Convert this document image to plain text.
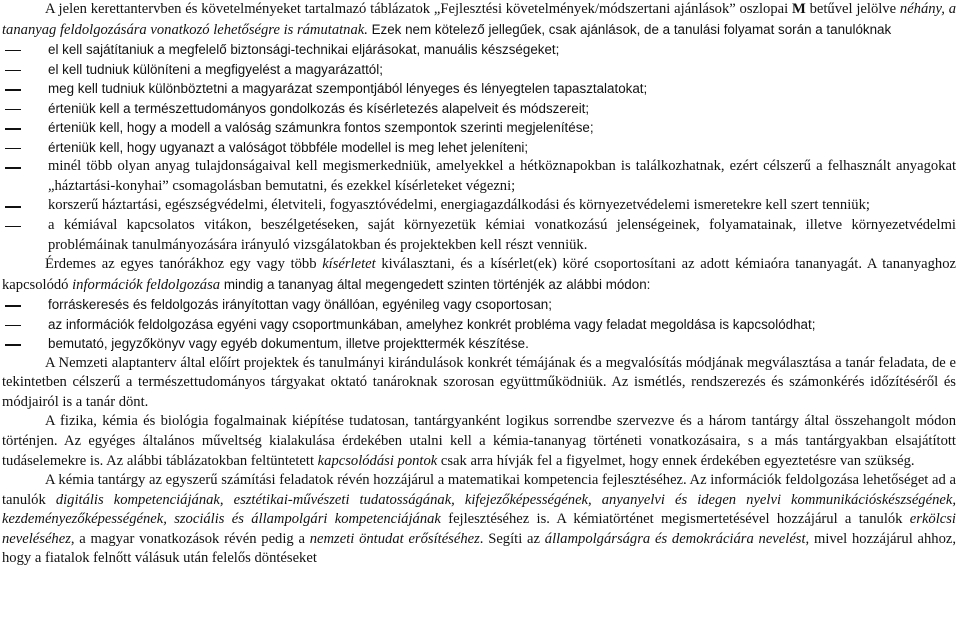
A jelen kerettantervben és követelményeket tartalmazó táblázatok „Fejlesztési követelmények/módszertani ajánlások” oszlopai M betűvel jelölve néhány, a tananyag feldolgozására vonatkozó lehetőségre is rámutatnak. Ezek nem kötelező jellegűek, csak ajánlások, de a tanulási folyamat során a tanulóknak

el kell sajátítaniuk a megfelelő biztonsági-technikai eljárásokat, manuális készségeket;
el kell tudniuk különíteni a megfigyelést a magyarázattól;
meg kell tudniuk különböztetni a magyarázat szempontjából lényeges és lényegtelen tapasztalatokat;
érteniük kell a természettudományos gondolkozás és kísérletezés alapelveit és módszereit;
érteniük kell, hogy a modell a valóság számunkra fontos szempontok szerinti megjelenítése;
érteniük kell, hogy ugyanazt a valóságot többféle modellel is meg lehet jeleníteni;
minél több olyan anyag tulajdonságaival kell megismerkedniük, amelyekkel a hétköznapokban is találkozhatnak, ezért célszerű a felhasznált anyagokat „háztartási-konyhai” csomagolásban bemutatni, és ezekkel kísérleteket végezni;
korszerű háztartási, egészségvédelmi, életviteli, fogyasztóvédelmi, energiagazdálkodási és környezetvédelemi ismeretekre kell szert tenniük;
a kémiával kapcsolatos vitákon, beszélgetéseken, saját környezetük kémiai vonatkozású jelenségeinek, folyamatainak, illetve környezetvédelmi problémáinak tanulmányozására irányuló vizsgálatokban és projektekben kell részt venniük.

Érdemes az egyes tanórákhoz egy vagy több kísérletet kiválasztani, és a kísérlet(ek) köré csoportosítani az adott kémiaóra tananyagát. A tananyaghoz kapcsolódó információk feldolgozása mindig a tananyag által megengedett szinten történjék az alábbi módon:

forráskeresés és feldolgozás irányítottan vagy önállóan, egyénileg vagy csoportosan;
az információk feldolgozása egyéni vagy csoportmunkában, amelyhez konkrét probléma vagy feladat megoldása is kapcsolódhat;
bemutató, jegyzőkönyv vagy egyéb dokumentum, illetve projekttermék készítése.

A Nemzeti alaptanterv által előírt projektek és tanulmányi kirándulások konkrét témájának és a megvalósítás módjának megválasztása a tanár feladata, de e tekintetben célszerű a természettudományos tárgyakat oktató tanároknak szorosan együttműködniük. Az ismétlés, rendszerezés és számonkérés időzítéséről és módjairól is a tanár dönt.

A fizika, kémia és biológia fogalmainak kiépítése tudatosan, tantárgyanként logikus sorrendbe szervezve és a három tantárgy által összehangolt módon történjen. Az egyéges általános műveltség kialakulása érdekében utalni kell a kémia-tananyag történeti vonatkozásaira, s a más tantárgyakban elsajátított tudáselemekre is. Az alábbi táblázatokban feltüntetett kapcsolódási pontok csak arra hívják fel a figyelmet, hogy ennek érdekében egyeztetésre van szükség.

A kémia tantárgy az egyszerű számítási feladatok révén hozzájárul a matematikai kompetencia fejlesztéséhez. Az információk feldolgozása lehetőséget ad a tanulók digitális kompetenciájának, esztétikai-művészeti tudatosságának, kifejezőképességének, anyanyelvi és idegen nyelvi kommunikációskészségének, kezdeményezőképességének, szociális és állampolgári kompetenciájának fejlesztéséhez is. A kémiatörténet megismertetésével hozzájárul a tanulók erkölcsi neveléséhez, a magyar vonatkozások révén pedig a nemzeti öntudat erősítéséhez. Segíti az állampolgárságra és demokráciára nevelést, mivel hozzájárul ahhoz, hogy a fiatalok felnőtt válásuk után felelős döntéseket
